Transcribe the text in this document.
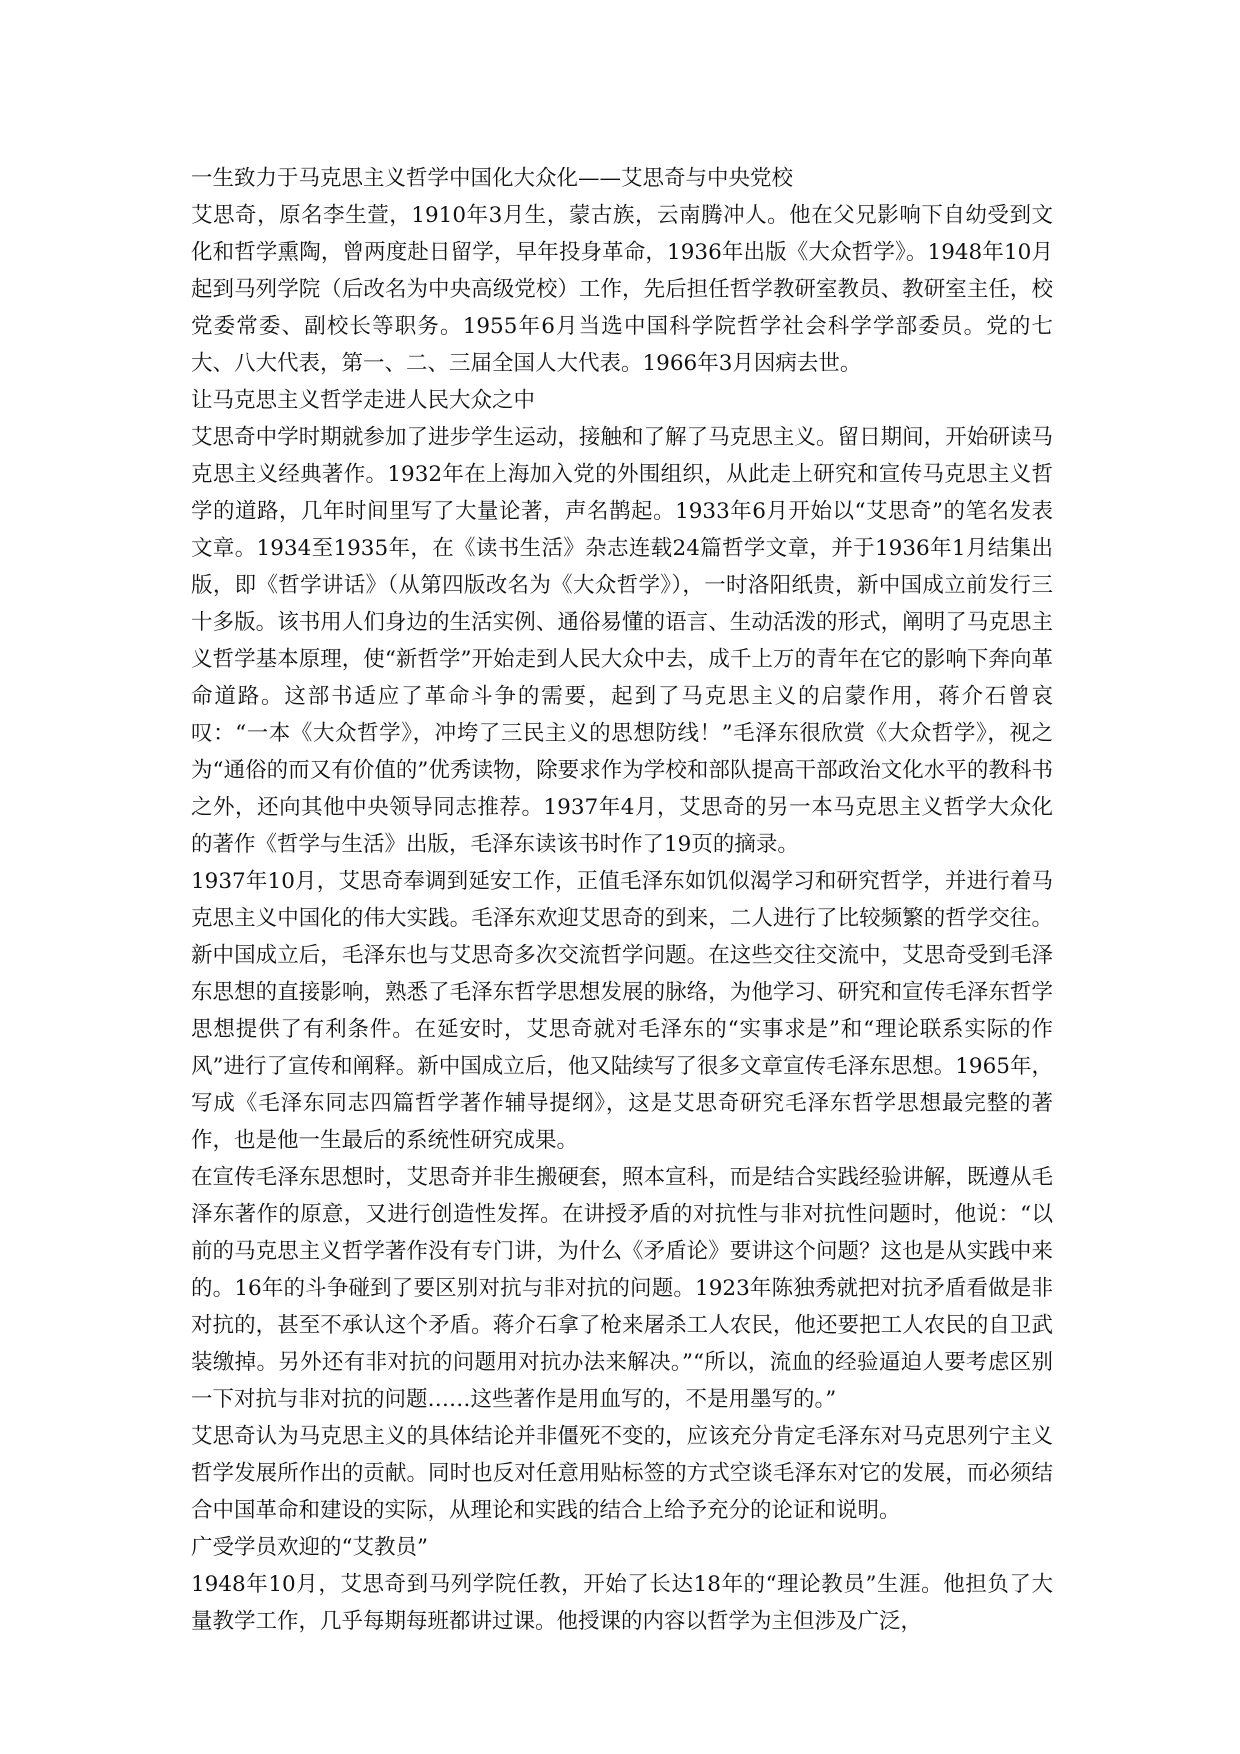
一生致力于马克思主义哲学中国化大众化——艾思奇与中央党校

艾思奇，原名李生萱，1910年3月生，蒙古族，云南腾冲人。他在父兄影响下自幼受到文化和哲学熏陶，曾两度赴日留学，早年投身革命，1936年出版《大众哲学》。1948年10月起到马列学院（后改名为中央高级党校）工作，先后担任哲学教研室教员、教研室主任，校党委常委、副校长等职务。1955年6月当选中国科学院哲学社会科学学部委员。党的七大、八大代表，第一、二、三届全国人大代表。1966年3月因病去世。

让马克思主义哲学走进人民大众之中

艾思奇中学时期就参加了进步学生运动，接触和了解了马克思主义。留日期间，开始研读马克思主义经典著作。1932年在上海加入党的外围组织，从此走上研究和宣传马克思主义哲学的道路，几年时间里写了大量论著，声名鹊起。1933年6月开始以“艾思奇”的笔名发表文章。1934至1935年，在《读书生活》杂志连载24篇哲学文章，并于1936年1月结集出版，即《哲学讲话》（从第四版改名为《大众哲学》），一时洛阳纸贵，新中国成立前发行三十多版。该书用人们身边的生活实例、通俗易懂的语言、生动活泼的形式，阐明了马克思主义哲学基本原理，使“新哲学”开始走到人民大众中去，成千上万的青年在它的影响下奔向革命道路。这部书适应了革命斗争的需要，起到了马克思主义的启蒙作用，蒋介石曾哀叹：“一本《大众哲学》，冲垮了三民主义的思想防线！”毛泽东很欣赏《大众哲学》，视之为“通俗的而又有价值的”优秀读物，除要求作为学校和部队提高干部政治文化水平的教科书之外，还向其他中央领导同志推荐。1937年4月，艾思奇的另一本马克思主义哲学大众化的著作《哲学与生活》出版，毛泽东读该书时作了19页的摘录。

1937年10月，艾思奇奉调到延安工作，正值毛泽东如饥似渴学习和研究哲学，并进行着马克思主义中国化的伟大实践。毛泽东欢迎艾思奇的到来，二人进行了比较频繁的哲学交往。新中国成立后，毛泽东也与艾思奇多次交流哲学问题。在这些交往交流中，艾思奇受到毛泽东思想的直接影响，熟悉了毛泽东哲学思想发展的脉络，为他学习、研究和宣传毛泽东哲学思想提供了有利条件。在延安时，艾思奇就对毛泽东的“实事求是”和“理论联系实际的作风”进行了宣传和阐释。新中国成立后，他又陆续写了很多文章宣传毛泽东思想。1965年，写成《毛泽东同志四篇哲学著作辅导提纲》，这是艾思奇研究毛泽东哲学思想最完整的著作，也是他一生最后的系统性研究成果。

在宣传毛泽东思想时，艾思奇并非生搬硬套，照本宣科，而是结合实践经验讲解，既遵从毛泽东著作的原意，又进行创造性发挥。在讲授矛盾的对抗性与非对抗性问题时，他说：“以前的马克思主义哲学著作没有专门讲，为什么《矛盾论》要讲这个问题？这也是从实践中来的。16年的斗争碰到了要区别对抗与非对抗的问题。1923年陈独秀就把对抗矛盾看做是非对抗的，甚至不承认这个矛盾。蒋介石拿了枪来屠杀工人农民，他还要把工人农民的自卫武装缴掉。另外还有非对抗的问题用对抗办法来解决。”“所以，流血的经验逼迫人要考虑区别一下对抗与非对抗的问题……这些著作是用血写的，不是用墨写的。”

艾思奇认为马克思主义的具体结论并非僵死不变的，应该充分肯定毛泽东对马克思列宁主义哲学发展所作出的贡献。同时也反对任意用贴标签的方式空谈毛泽东对它的发展，而必须结合中国革命和建设的实际，从理论和实践的结合上给予充分的论证和说明。

广受学员欢迎的“艾教员”

1948年10月，艾思奇到马列学院任教，开始了长达18年的“理论教员”生涯。他担负了大量教学工作，几乎每期每班都讲过课。他授课的内容以哲学为主但涉及广泛，
